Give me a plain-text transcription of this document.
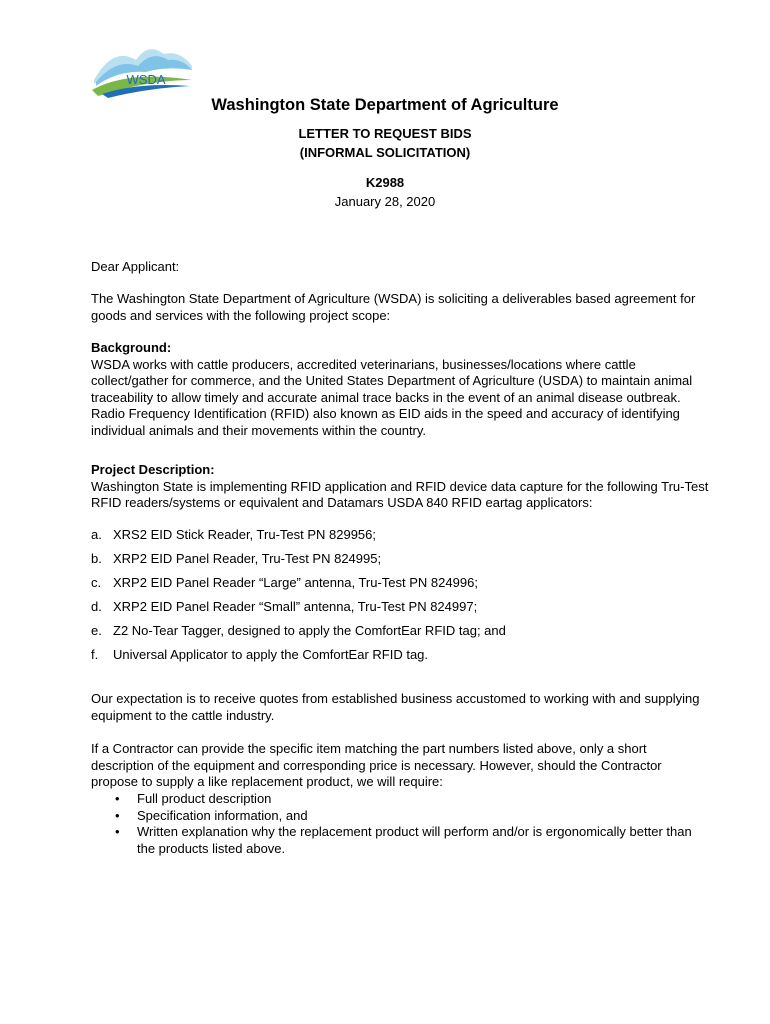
WSDA
Washington State Department of Agriculture
LETTER TO REQUEST BIDS
(INFORMAL SOLICITATION)
K2988
January 28, 2020
Dear Applicant:
The Washington State Department of Agriculture (WSDA) is soliciting a deliverables based agreement for goods and services with the following project scope:
Background:
WSDA works with cattle producers, accredited veterinarians, businesses/locations where cattle collect/gather for commerce, and the United States Department of Agriculture (USDA) to maintain animal traceability to allow timely and accurate animal trace backs in the event of an animal disease outbreak. Radio Frequency Identification (RFID) also known as EID aids in the speed and accuracy of identifying individual animals and their movements within the country.
Project Description:
Washington State is implementing RFID application and RFID device data capture for the following Tru-Test RFID readers/systems or equivalent and Datamars USDA 840 RFID eartag applicators:
a. XRS2 EID Stick Reader, Tru-Test PN 829956;
b. XRP2 EID Panel Reader, Tru-Test PN 824995;
c. XRP2 EID Panel Reader “Large” antenna, Tru-Test PN 824996;
d. XRP2 EID Panel Reader “Small” antenna, Tru-Test PN 824997;
e. Z2 No-Tear Tagger, designed to apply the ComfortEar RFID tag; and
f.	Universal Applicator to apply the ComfortEar RFID tag.
Our expectation is to receive quotes from established business accustomed to working with and supplying equipment to the cattle industry.
If a Contractor can provide the specific item matching the part numbers listed above, only a short description of the equipment and corresponding price is necessary. However, should the Contractor propose to supply a like replacement product, we will require:
• Full product description
• Specification information, and
• Written explanation why the replacement product will perform and/or is ergonomically better than the products listed above.
